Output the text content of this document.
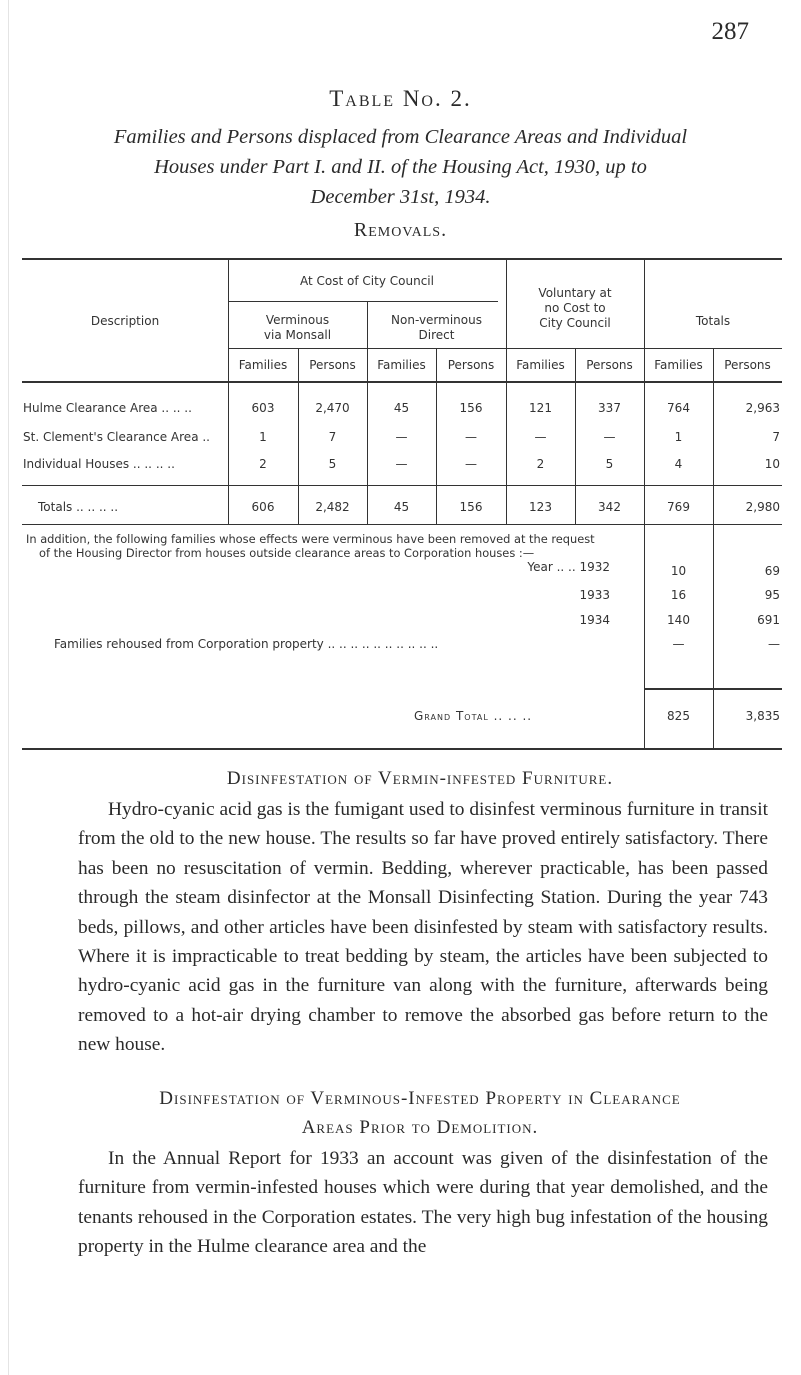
287
Table No. 2.
Families and Persons displaced from Clearance Areas and Individual
Houses under Part I. and II. of the Housing Act, 1930, up to
December 31st, 1934.
Removals.
Description
At Cost of City Council
Verminous
via Monsall
Non-verminous
Direct
Voluntary at
no Cost to
City Council	Totals
Families	Persons	Families	Persons	Families	Persons	Families	Persons
Hulme Clearance Area .. .. ..	603	2,470	45	156	121	337	764	2,963
St. Clement's Clearance Area ..	1	7	—	—	—	—	1	7
Individual Houses .. .. .. ..	2	5	—	—	2	5	4	10
Totals .. .. .. ..	606	2,482	45	156	123	342	769	2,980
In addition, the following families whose effects were verminous have been removed at the request
of the Housing Director from houses outside clearance areas to Corporation houses :—
Year .. .. 1932	10	69
1933	16	95
1934	140	691
Families rehoused from Corporation property .. .. .. .. .. .. .. .. .. ..	—	—
Grand Total .. .. ..	825	3,835
Disinfestation of Vermin-infested Furniture.
Hydro-cyanic acid gas is the fumigant used to disinfest verminous furniture in transit from the old to the new house. The results so far have proved entirely satisfactory. There has been no resuscitation of vermin. Bedding, wherever practicable, has been passed through the steam disinfector at the Monsall Disinfecting Station. During the year 743 beds, pillows, and other articles have been disinfested by steam with satisfactory results. Where it is impracticable to treat bedding by steam, the articles have been subjected to hydro-cyanic acid gas in the furniture van along with the furniture, afterwards being removed to a hot-air drying chamber to remove the absorbed gas before return to the new house.
Disinfestation of Verminous-Infested Property in Clearance
Areas Prior to Demolition.
In the Annual Report for 1933 an account was given of the disinfestation of the furniture from vermin-infested houses which were during that year demolished, and the tenants rehoused in the Corporation estates. The very high bug infestation of the housing property in the Hulme clearance area and the
